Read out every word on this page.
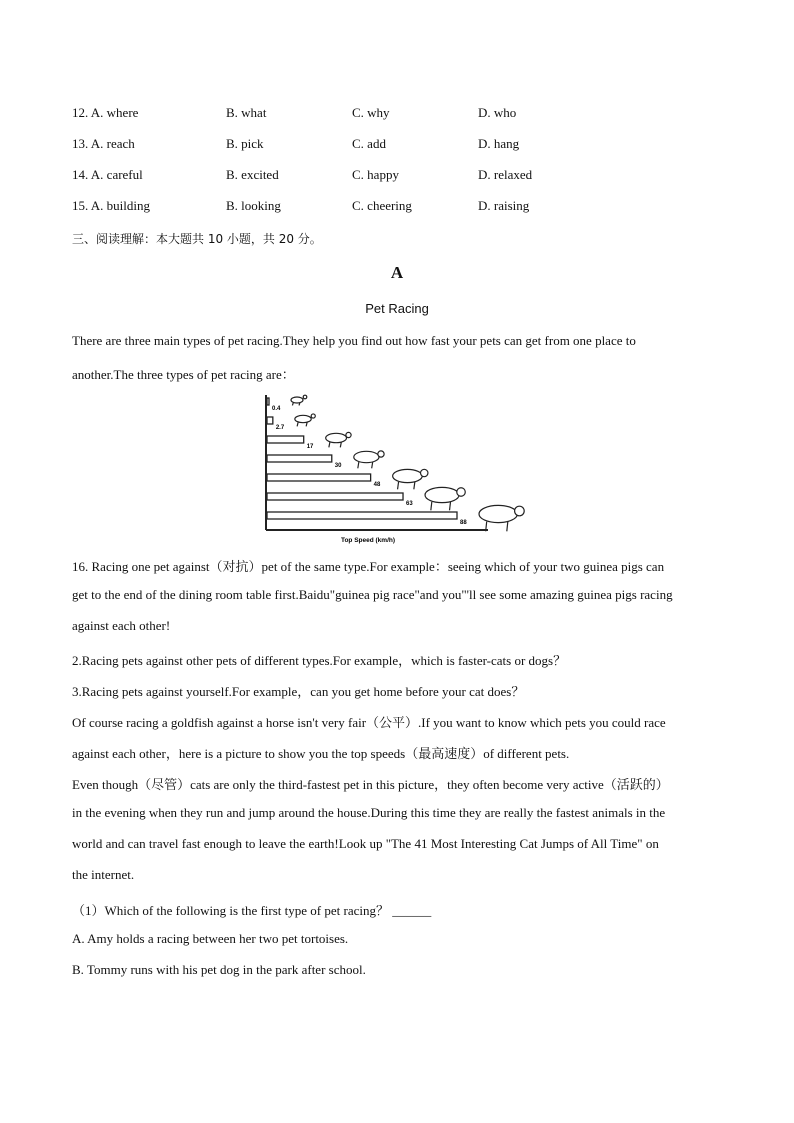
12. A. where	B. what	C. why	D. who
13. A. reach	B. pick	C. add	D. hang
14. A. careful	B. excited	C. happy	D. relaxed
15. A. building	B. looking	C. cheering	D. raising
三、阅读理解：本大题共 10 小题，共 20 分。
A
Pet Racing
There are three main types of pet racing.They help you find out how fast your pets can get from one place to
another.The three types of pet racing are：
16. Racing one pet against（对抗）pet of the same type.For example：seeing which of your two guinea pigs can
get to the end of the dining room table first.Baidu"guinea pig race"and you"'ll see some amazing guinea pigs racing
against each other!
2.Racing pets against other pets of different types.For example，which is faster-cats or dogs？
3.Racing pets against yourself.For example，can you get home before your cat does？
Of course racing a goldfish against a horse isn't very fair（公平）.If you want to know which pets you could race
against each other，here is a picture to show you the top speeds（最高速度）of different pets.
Even though（尽管）cats are only the third-fastest pet in this picture，they often become very active（活跃的）
in the evening when they run and jump around the house.During this time they are really the fastest animals in the
world and can travel fast enough to leave the earth!Look up "The 41 Most Interesting Cat Jumps of All Time" on
the internet.
（1）Which of the following is the first type of pet racing？ ______
A. Amy holds a racing between her two pet tortoises.
B. Tommy runs with his pet dog in the park after school.
0.4
2.7
17
30
48
63
88
Top Speed (km/h)
